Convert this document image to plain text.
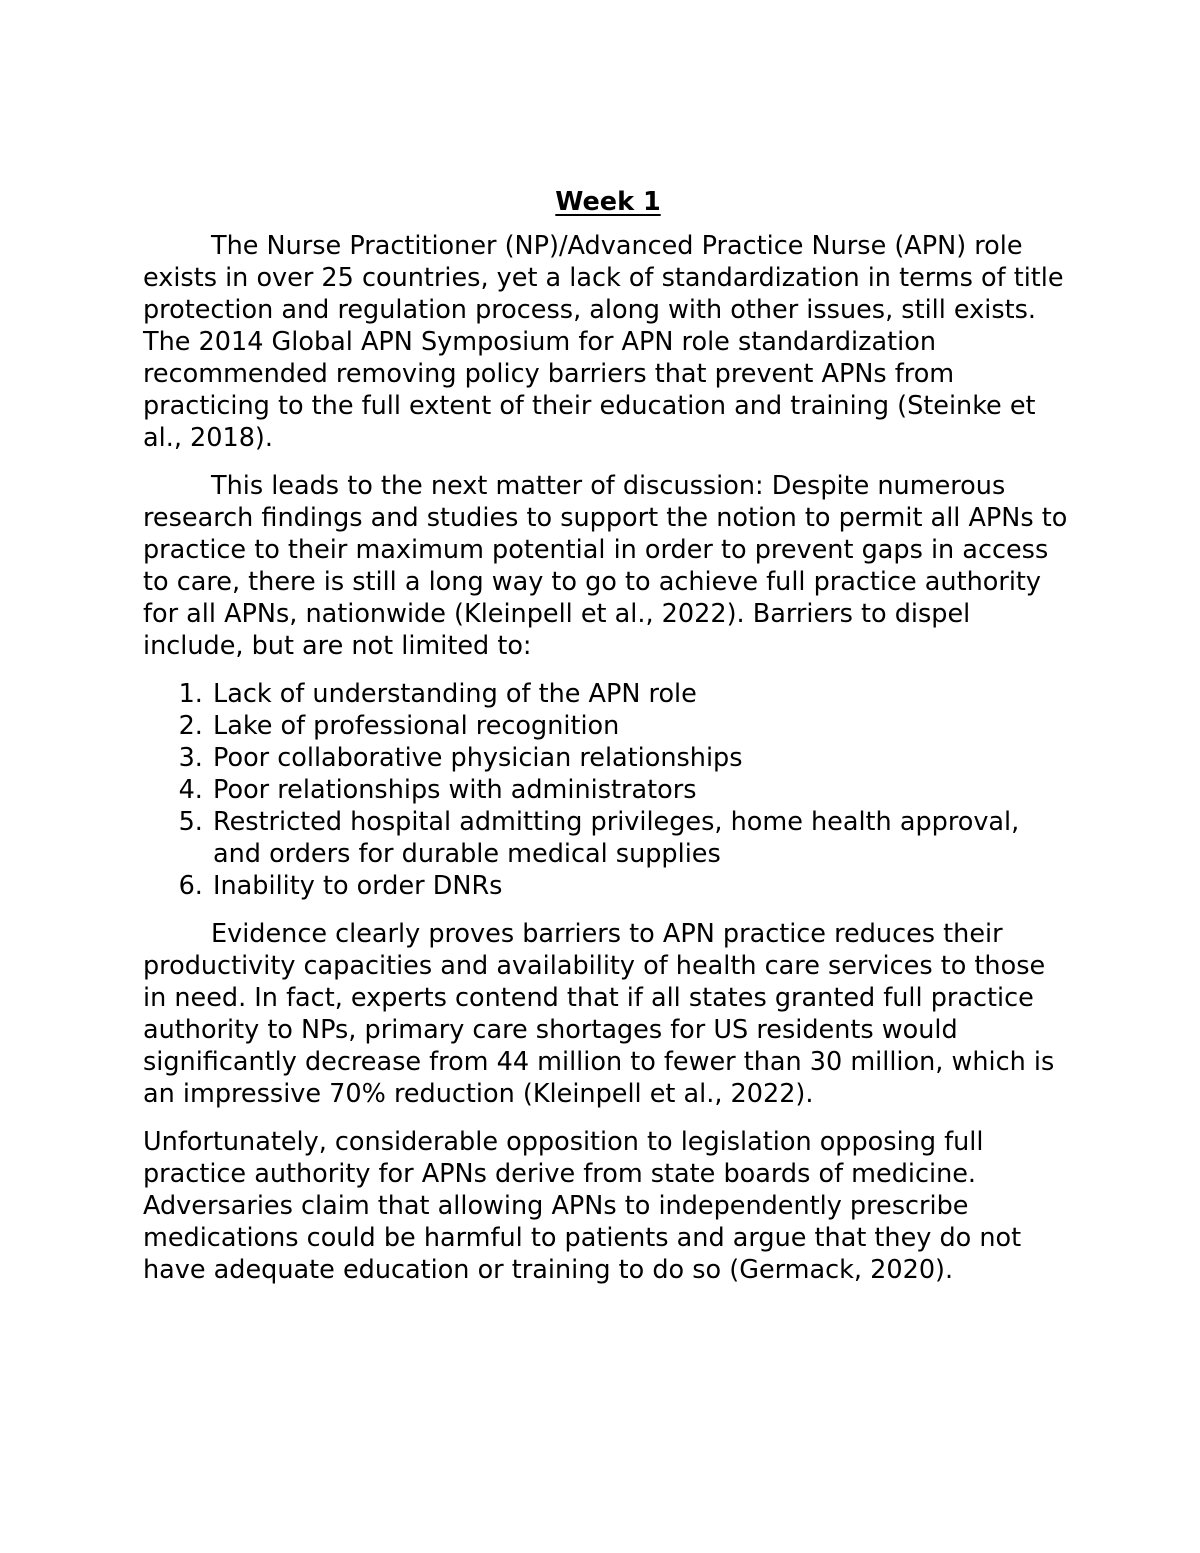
Week 1

The Nurse Practitioner (NP)/Advanced Practice Nurse (APN) role exists in over 25 countries, yet a lack of standardization in terms of title protection and regulation process, along with other issues, still exists. The 2014 Global APN Symposium for APN role standardization recommended removing policy barriers that prevent APNs from practicing to the full extent of their education and training (Steinke et al., 2018).

This leads to the next matter of discussion: Despite numerous research findings and studies to support the notion to permit all APNs to practice to their maximum potential in order to prevent gaps in access to care, there is still a long way to go to achieve full practice authority for all APNs, nationwide (Kleinpell et al., 2022). Barriers to dispel include, but are not limited to:

1. Lack of understanding of the APN role
2. Lake of professional recognition
3. Poor collaborative physician relationships
4. Poor relationships with administrators
5. Restricted hospital admitting privileges, home health approval, and orders for durable medical supplies
6. Inability to order DNRs

Evidence clearly proves barriers to APN practice reduces their productivity capacities and availability of health care services to those in need. In fact, experts contend that if all states granted full practice authority to NPs, primary care shortages for US residents would significantly decrease from 44 million to fewer than 30 million, which is an impressive 70% reduction (Kleinpell et al., 2022).

Unfortunately, considerable opposition to legislation opposing full practice authority for APNs derive from state boards of medicine. Adversaries claim that allowing APNs to independently prescribe medications could be harmful to patients and argue that they do not have adequate education or training to do so (Germack, 2020).
